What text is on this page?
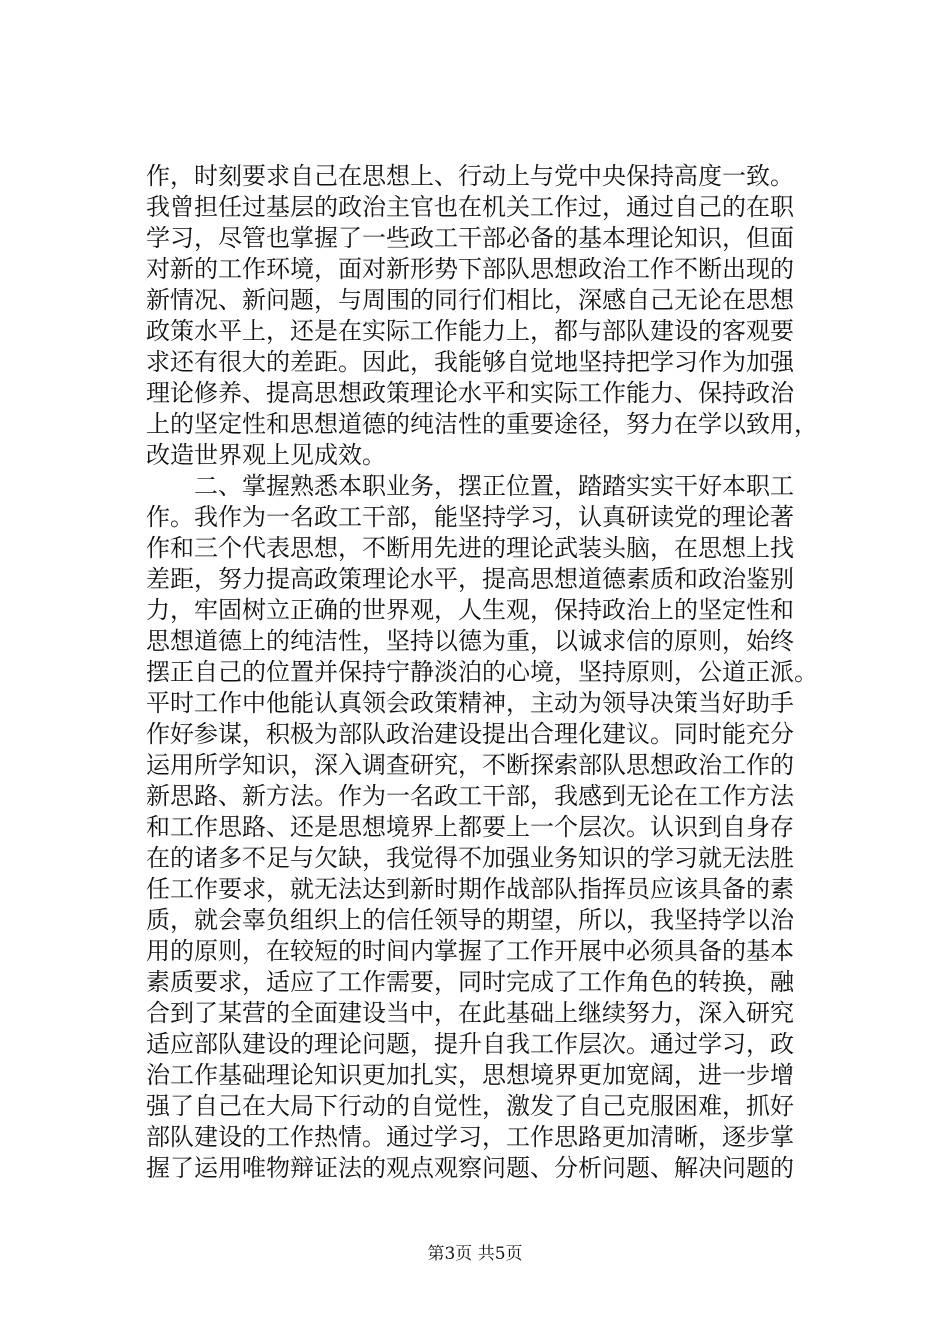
作，时刻要求自己在思想上、行动上与党中央保持高度一致。
我曾担任过基层的政治主官也在机关工作过，通过自己的在职
学习，尽管也掌握了一些政工干部必备的基本理论知识，但面
对新的工作环境，面对新形势下部队思想政治工作不断出现的
新情况、新问题，与周围的同行们相比，深感自己无论在思想
政策水平上，还是在实际工作能力上，都与部队建设的客观要
求还有很大的差距。因此，我能够自觉地坚持把学习作为加强
理论修养、提高思想政策理论水平和实际工作能力、保持政治
上的坚定性和思想道德的纯洁性的重要途径，努力在学以致用，
改造世界观上见成效。
　　二、掌握熟悉本职业务，摆正位置，踏踏实实干好本职工
作。我作为一名政工干部，能坚持学习，认真研读党的理论著
作和三个代表思想，不断用先进的理论武装头脑，在思想上找
差距，努力提高政策理论水平，提高思想道德素质和政治鉴别
力，牢固树立正确的世界观，人生观，保持政治上的坚定性和
思想道德上的纯洁性，坚持以德为重，以诚求信的原则，始终
摆正自己的位置并保持宁静淡泊的心境，坚持原则，公道正派。
平时工作中他能认真领会政策精神，主动为领导决策当好助手
作好参谋，积极为部队政治建设提出合理化建议。同时能充分
运用所学知识，深入调查研究，不断探索部队思想政治工作的
新思路、新方法。作为一名政工干部，我感到无论在工作方法
和工作思路、还是思想境界上都要上一个层次。认识到自身存
在的诸多不足与欠缺，我觉得不加强业务知识的学习就无法胜
任工作要求，就无法达到新时期作战部队指挥员应该具备的素
质，就会辜负组织上的信任领导的期望，所以，我坚持学以治
用的原则，在较短的时间内掌握了工作开展中必须具备的基本
素质要求，适应了工作需要，同时完成了工作角色的转换，融
合到了某营的全面建设当中，在此基础上继续努力，深入研究
适应部队建设的理论问题，提升自我工作层次。通过学习，政
治工作基础理论知识更加扎实，思想境界更加宽阔，进一步增
强了自己在大局下行动的自觉性，激发了自己克服困难，抓好
部队建设的工作热情。通过学习，工作思路更加清晰，逐步掌
握了运用唯物辩证法的观点观察问题、分析问题、解决问题的
第3页 共5页
